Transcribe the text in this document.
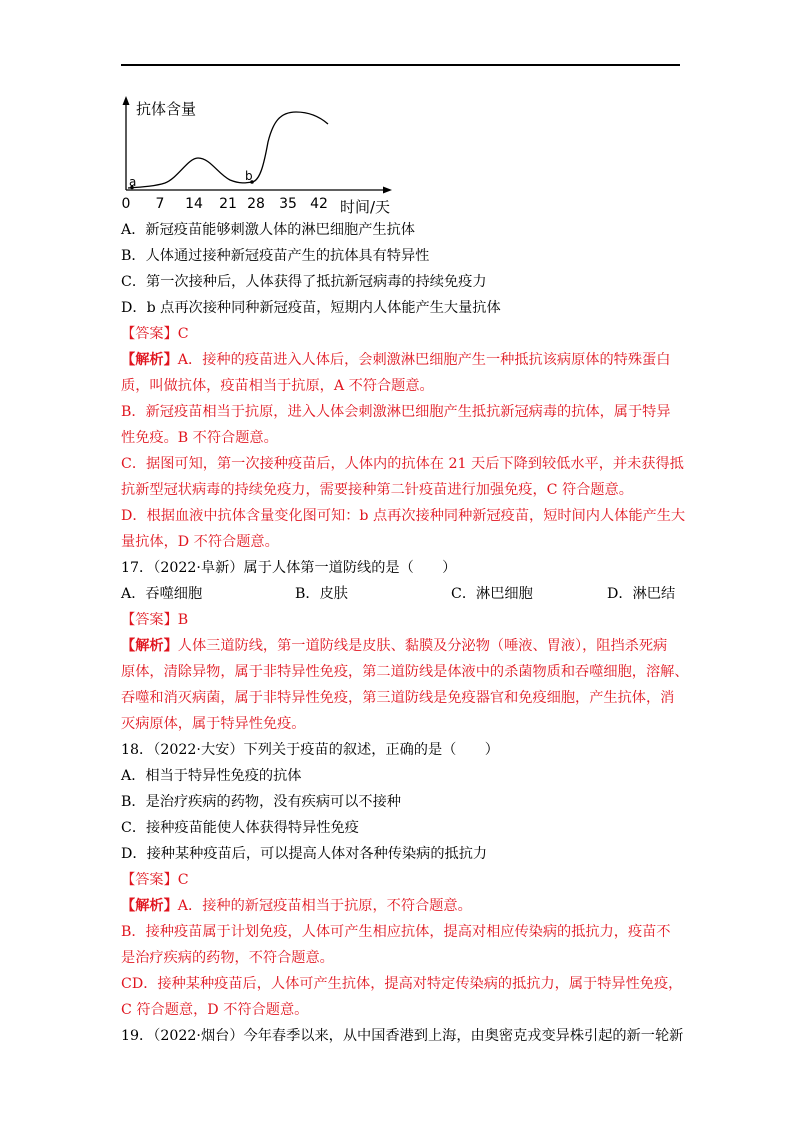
抗体含量
a	b
0 7 14 21 28 35 42 时间/天
A．新冠疫苗能够刺激人体的淋巴细胞产生抗体
B．人体通过接种新冠疫苗产生的抗体具有特异性
C．第一次接种后，人体获得了抵抗新冠病毒的持续免疫力
D．b 点再次接种同种新冠疫苗，短期内人体能产生大量抗体
【答案】C
【解析】A．接种的疫苗进入人体后，会刺激淋巴细胞产生一种抵抗该病原体的特殊蛋白
质，叫做抗体，疫苗相当于抗原，A 不符合题意。
B．新冠疫苗相当于抗原，进入人体会刺激淋巴细胞产生抵抗新冠病毒的抗体，属于特异
性免疫。B 不符合题意。
C．据图可知，第一次接种疫苗后，人体内的抗体在 21 天后下降到较低水平，并未获得抵
抗新型冠状病毒的持续免疫力，需要接种第二针疫苗进行加强免疫，C 符合题意。
D．根据血液中抗体含量变化图可知：b 点再次接种同种新冠疫苗，短时间内人体能产生大
量抗体，D 不符合题意。
17．（2022·阜新）属于人体第一道防线的是（　　）
A．吞噬细胞	B．皮肤	C．淋巴细胞	D．淋巴结
【答案】B
【解析】人体三道防线，第一道防线是皮肤、黏膜及分泌物（唾液、胃液），阻挡杀死病
原体，清除异物，属于非特异性免疫，第二道防线是体液中的杀菌物质和吞噬细胞，溶解、
吞噬和消灭病菌，属于非特异性免疫，第三道防线是免疫器官和免疫细胞，产生抗体，消
灭病原体，属于特异性免疫。
18．（2022·大安）下列关于疫苗的叙述，正确的是（　　）
A．相当于特异性免疫的抗体
B．是治疗疾病的药物，没有疾病可以不接种
C．接种疫苗能使人体获得特异性免疫
D．接种某种疫苗后，可以提高人体对各种传染病的抵抗力
【答案】C
【解析】A．接种的新冠疫苗相当于抗原，不符合题意。
B．接种疫苗属于计划免疫，人体可产生相应抗体，提高对相应传染病的抵抗力，疫苗不
是治疗疾病的药物，不符合题意。
CD．接种某种疫苗后，人体可产生抗体，提高对特定传染病的抵抗力，属于特异性免疫，
C 符合题意，D 不符合题意。
19．（2022·烟台）今年春季以来，从中国香港到上海，由奥密克戎变异株引起的新一轮新
